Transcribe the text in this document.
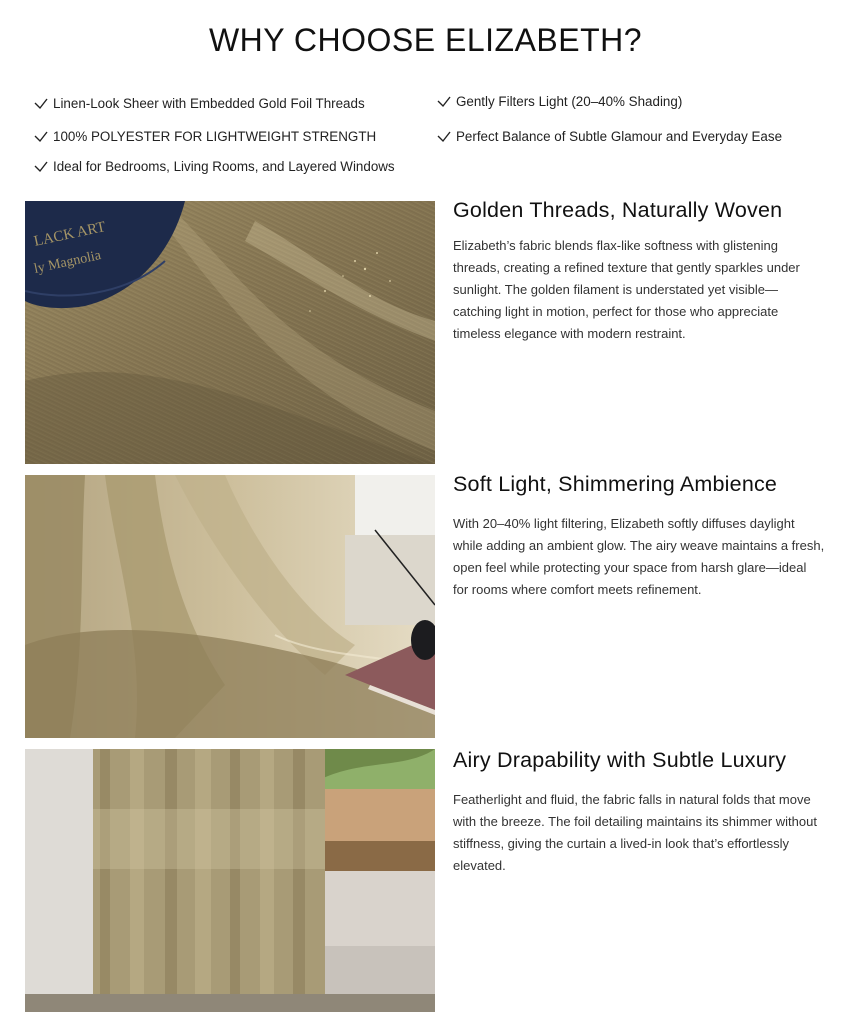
WHY CHOOSE ELIZABETH?
Linen-Look Sheer with Embedded Gold Foil Threads	Gently Filters Light (20–40% Shading)
100% POLYESTER FOR LIGHTWEIGHT STRENGTH	Perfect Balance of Subtle Glamour and Everyday Ease
Ideal for Bedrooms, Living Rooms, and Layered Windows
LACK ART
ly Magnolia
Golden Threads, Naturally Woven

Elizabeth’s fabric blends flax-like softness with glistening threads, creating a refined texture that gently sparkles under sunlight. The golden filament is understated yet visible—catching light in motion, perfect for those who appreciate timeless elegance with modern restraint.

Soft Light, Shimmering Ambience

With 20–40% light filtering, Elizabeth softly diffuses daylight while adding an ambient glow. The airy weave maintains a fresh, open feel while protecting your space from harsh glare—ideal for rooms where comfort meets refinement.

Airy Drapability with Subtle Luxury

Featherlight and fluid, the fabric falls in natural folds that move with the breeze. The foil detailing maintains its shimmer without stiffness, giving the curtain a lived-in look that’s effortlessly elevated.
